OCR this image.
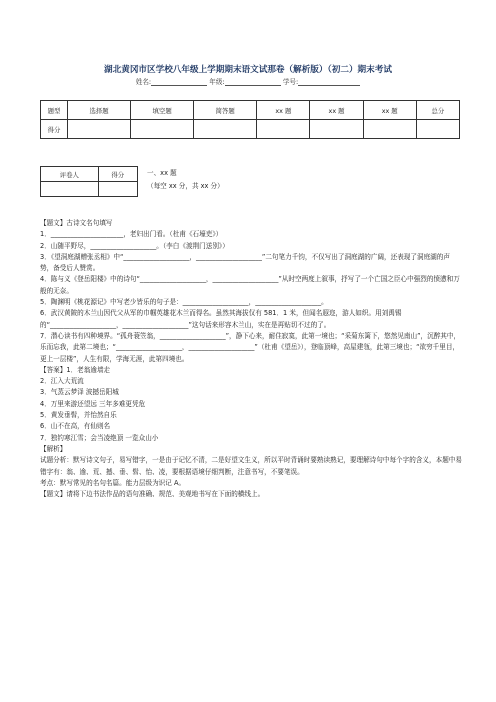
湖北黄冈市区学校八年级上学期期末语文试那卷（解析版）（初二）期末考试
姓名:	年级:	学号:
题型	选择题	填空题	简答题	xx 题	xx 题	xx 题	总分
得分							
评卷人	得分
		一、xx 题
（每空 xx 分，共 xx 分）

【题文】古诗文名句填写

1．______________________，老妇出门看。（杜甫《石壕吏》）

2．山随平野尽，____________________。（李白《渡荆门送别》）

3．《望洞庭湖赠张丞相》中“____________________，____________________”二句笔力千钧，不仅写出了洞庭湖的广阔，还表现了洞庭湖的声势，备受后人赞赏。

4．陈与义《登岳阳楼》中的诗句“____________________，____________________”从时空两度上叙事，抒写了一个亡国之臣心中强烈的愤懑和万般的无奈。

5．陶渊明《桃花源记》中写老少皆乐的句子是：____________________，____________________。

6．武汉黄陂的木兰山因代父从军的巾帼英雄花木兰而得名。虽然其海拔仅有 581．1 米，但闻名遐迩，游人如织。用刘禹锡的“____________________，____________________”这句话来形容木兰山，实在是再贴切不过的了。

7．潜心读书有四种境界。“孤舟蓑笠翁，____________________”，静下心来，耐住寂寞，此第一境也；“采菊东篱下，悠然见南山”，沉醉其中，乐而忘我，此第二境也；“____________________，____________________”（杜甫《望岳》），登临顶峰，高屋建瓴，此第三境也；“欲穷千里目，更上一层楼”，人生有限，学海无涯，此第四境也。

【答案】1．老翁逾墙走

2．江入大荒流

3．气蒸云梦泽 波撼岳阳城

4．万里来游还望远 三年多难更凭危

5．黄发垂髫，并怡然自乐

6．山不在高，有仙则名

7．独钓寒江雪；会当凌绝顶 一览众山小

【解析】

试题分析：默写诗文句子，易写错字，一是由于记忆不清，二是好望文生义，所以平时背诵时要熟读熟记，要理解诗句中每个字的含义，本题中易错字有：翁、逾、荒、撼、垂、髫、怡、凌，要根据语境仔细判断，注意书写，不要笔误。

考点：默写常见的名句名篇。能力层级为识记 A。

【题文】请将下边书法作品的语句准确、规范、美观地书写在下面的横线上。
